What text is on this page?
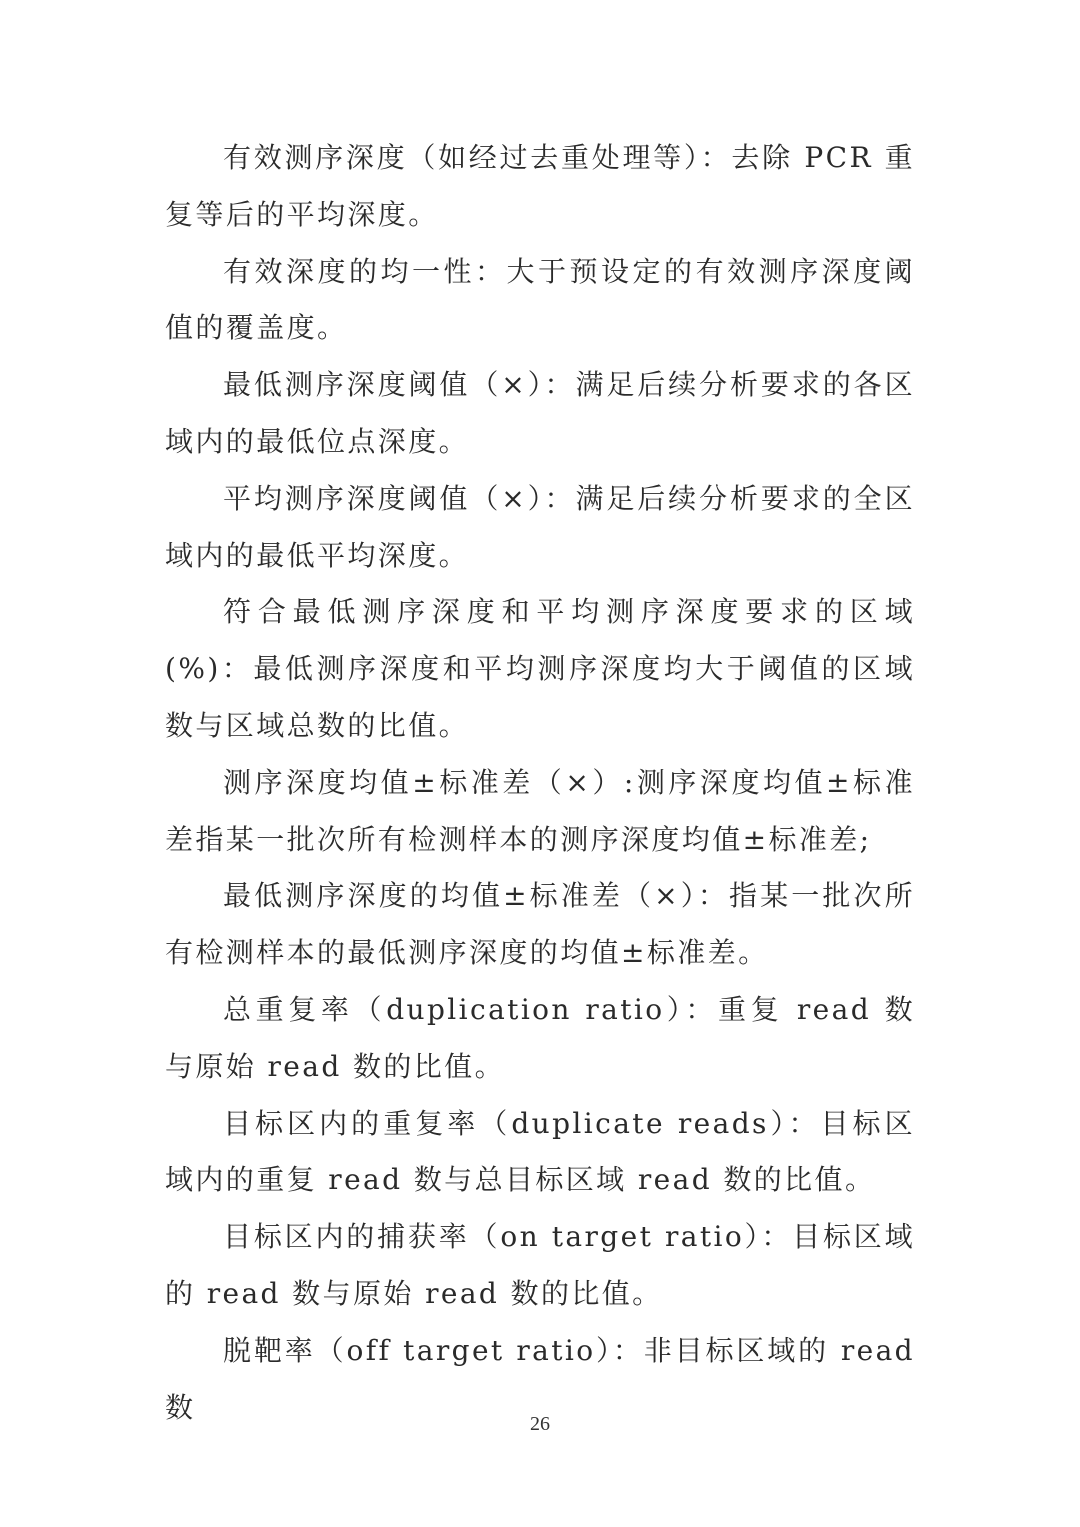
有效测序深度（如经过去重处理等）：去除 PCR 重复等后的平均深度。

有效深度的均一性：大于预设定的有效测序深度阈值的覆盖度。

最低测序深度阈值（×）：满足后续分析要求的各区域内的最低位点深度。

平均测序深度阈值（×）：满足后续分析要求的全区域内的最低平均深度。

符合最低测序深度和平均测序深度要求的区域(%)：最低测序深度和平均测序深度均大于阈值的区域数与区域总数的比值。

测序深度均值±标准差（×）:测序深度均值±标准差指某一批次所有检测样本的测序深度均值±标准差;

最低测序深度的均值±标准差（×）：指某一批次所有检测样本的最低测序深度的均值±标准差。

总重复率（duplication ratio）：重复 read 数与原始 read 数的比值。

目标区内的重复率（duplicate reads）：目标区域内的重复 read 数与总目标区域 read 数的比值。

目标区内的捕获率（on target ratio）：目标区域的 read 数与原始 read 数的比值。

脱靶率（off target ratio）：非目标区域的 read 数

26
